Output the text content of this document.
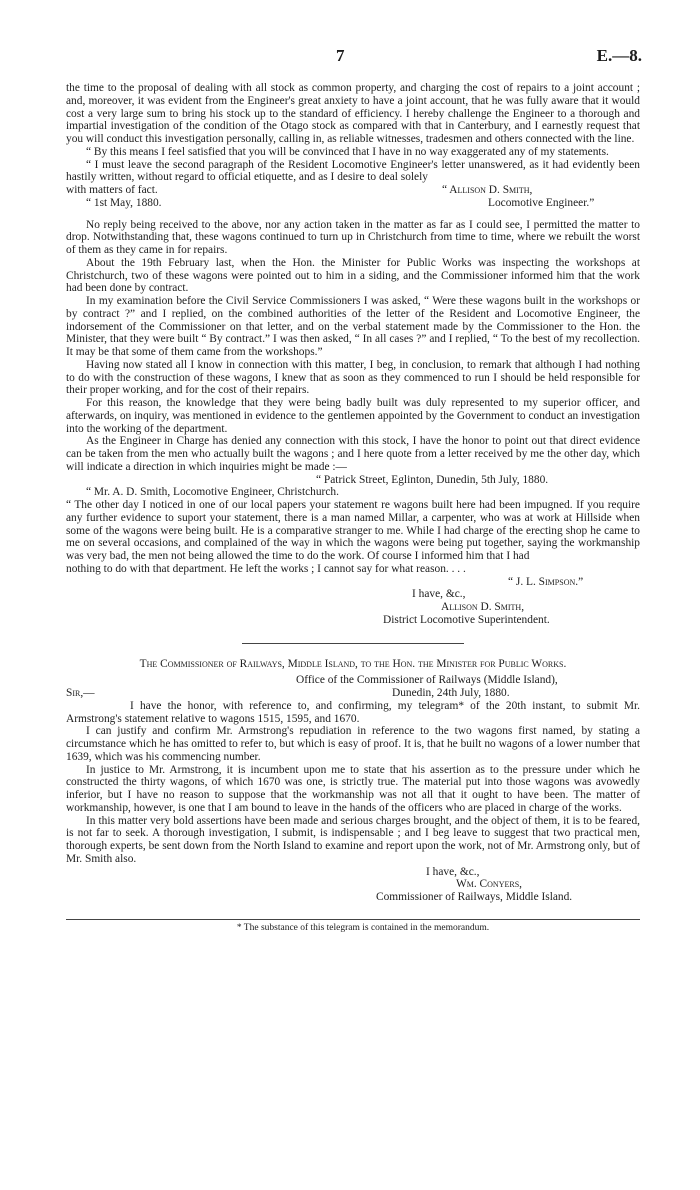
7	E.—8.

the time to the proposal of dealing with all stock as common property, and charging the cost of repairs to a joint account ; and, moreover, it was evident from the Engineer's great anxiety to have a joint account, that he was fully aware that it would cost a very large sum to bring his stock up to the standard of efficiency. I hereby challenge the Engineer to a thorough and impartial investigation of the condition of the Otago stock as compared with that in Canterbury, and I earnestly request that you will conduct this investigation personally, calling in, as reliable witnesses, tradesmen and others connected with the line.

“ By this means I feel satisfied that you will be convinced that I have in no way exaggerated any of my statements.

“ I must leave the second paragraph of the Resident Locomotive Engineer's letter unanswered, as it had evidently been hastily written, without regard to official etiquette, and as I desire to deal solely

with matters of fact.	“ Allison D. Smith,
“ 1st May, 1880.	Locomotive Engineer.”

No reply being received to the above, nor any action taken in the matter as far as I could see, I permitted the matter to drop. Notwithstanding that, these wagons continued to turn up in Christchurch from time to time, where we rebuilt the worst of them as they came in for repairs.

About the 19th February last, when the Hon. the Minister for Public Works was inspecting the workshops at Christchurch, two of these wagons were pointed out to him in a siding, and the Commissioner informed him that the work had been done by contract.

In my examination before the Civil Service Commissioners I was asked, “ Were these wagons built in the workshops or by contract ?” and I replied, on the combined authorities of the letter of the Resident and Locomotive Engineer, the indorsement of the Commissioner on that letter, and on the verbal statement made by the Commissioner to the Hon. the Minister, that they were built “ By contract.” I was then asked, “ In all cases ?” and I replied, “ To the best of my recollection. It may be that some of them came from the workshops.”

Having now stated all I know in connection with this matter, I beg, in conclusion, to remark that although I had nothing to do with the construction of these wagons, I knew that as soon as they commenced to run I should be held responsible for their proper working, and for the cost of their repairs.

For this reason, the knowledge that they were being badly built was duly represented to my superior officer, and afterwards, on inquiry, was mentioned in evidence to the gentlemen appointed by the Government to conduct an investigation into the working of the department.

As the Engineer in Charge has denied any connection with this stock, I have the honor to point out that direct evidence can be taken from the men who actually built the wagons ; and I here quote from a letter received by me the other day, which will indicate a direction in which inquiries might be made :—

“ Patrick Street, Eglinton, Dunedin, 5th July, 1880.

“ Mr. A. D. Smith, Locomotive Engineer, Christchurch.

“ The other day I noticed in one of our local papers your statement re wagons built here had been impugned. If you require any further evidence to suport your statement, there is a man named Millar, a carpenter, who was at work at Hillside when some of the wagons were being built. He is a comparative stranger to me. While I had charge of the erecting shop he came to me on several occasions, and complained of the way in which the wagons were being put together, saying the workmanship was very bad, the men not being allowed the time to do the work. Of course I informed him that I had

nothing to do with that department. He left the works ; I cannot say for what reason. . . .
“ J. L. Simpson.”
I have, &c.,
Allison D. Smith,
District Locomotive Superintendent.

The Commissioner of Railways, Middle Island, to the Hon. the Minister for Public Works.

Office of the Commissioner of Railways (Middle Island),
Sir,—	Dunedin, 24th July, 1880.

I have the honor, with reference to, and confirming, my telegram* of the 20th instant, to submit Mr. Armstrong's statement relative to wagons 1515, 1595, and 1670.

I can justify and confirm Mr. Armstrong's repudiation in reference to the two wagons first named, by stating a circumstance which he has omitted to refer to, but which is easy of proof. It is, that he built no wagons of a lower number that 1639, which was his commencing number.

In justice to Mr. Armstrong, it is incumbent upon me to state that his assertion as to the pressure under which he constructed the thirty wagons, of which 1670 was one, is strictly true. The material put into those wagons was avowedly inferior, but I have no reason to suppose that the workmanship was not all that it ought to have been. The matter of workmanship, however, is one that I am bound to leave in the hands of the officers who are placed in charge of the works.

In this matter very bold assertions have been made and serious charges brought, and the object of them, it is to be feared, is not far to seek. A thorough investigation, I submit, is indispensable ; and I beg leave to suggest that two practical men, thorough experts, be sent down from the North Island to examine and report upon the work, not of Mr. Armstrong only, but of Mr. Smith also.

I have, &c.,
Wm. Conyers,
Commissioner of Railways, Middle Island.

* The substance of this telegram is contained in the memorandum.
